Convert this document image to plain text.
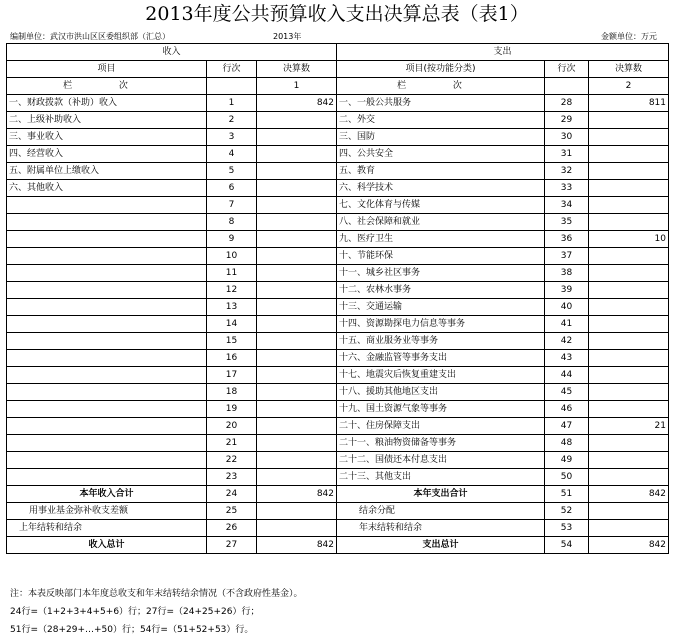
2013年度公共预算收入支出决算总表（表1）
编制单位：武汉市洪山区区委组织部（汇总）	2013年	金额单位：万元
收入			支出		
项目	行次	决算数	项目(按功能分类)	行次	决算数
栏 次		1	栏 次		2
一、财政拨款（补助）收入	1	842	一、一般公共服务	28	811
二、上级补助收入	2		二、外交	29	
三、事业收入	3		三、国防	30	
四、经营收入	4		四、公共安全	31	
五、附属单位上缴收入	5		五、教育	32	
六、其他收入	6		六、科学技术	33	
	7		七、文化体育与传媒	34	
	8		八、社会保障和就业	35	
	9		九、医疗卫生	36	10
	10		十、节能环保	37	
	11		十一、城乡社区事务	38	
	12		十二、农林水事务	39	
	13		十三、交通运输	40	
	14		十四、资源勘探电力信息等事务	41	
	15		十五、商业服务业等事务	42	
	16		十六、金融监管等事务支出	43	
	17		十七、地震灾后恢复重建支出	44	
	18		十八、援助其他地区支出	45	
	19		十九、国土资源气象等事务	46	
	20		二十、住房保障支出	47	21
	21		二十一、粮油物资储备等事务	48	
	22		二十二、国债还本付息支出	49	
	23		二十三、其他支出	50	
本年收入合计	24	842	本年支出合计	51	842
用事业基金弥补收支差额	25		结余分配	52	
上年结转和结余	26		年末结转和结余	53	
收入总计	27	842	支出总计	54	842
注：本表反映部门本年度总收支和年末结转结余情况（不含政府性基金）。
24行=（1+2+3+4+5+6）行；27行=（24+25+26）行；
51行=（28+29+…+50）行；54行=（51+52+53）行。
